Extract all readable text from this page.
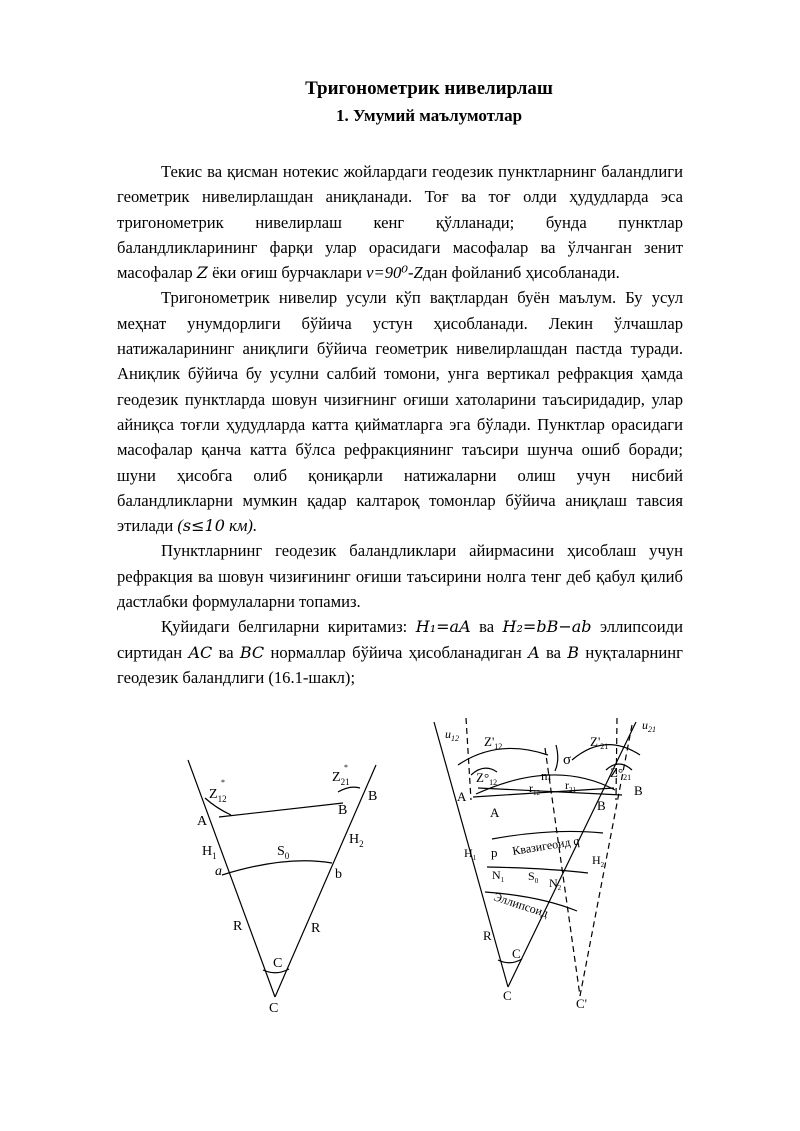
Тригонометрик нивелирлаш
1. Умумий маълумотлар

Текис ва қисман нотекис жойлардаги геодезик пунктларнинг баландлиги геометрик нивелирлашдан аниқланади. Тоғ ва тоғ олди ҳудудларда эса тригонометрик нивелирлаш кенг қўлланади; бунда пунктлар баландликларининг фарқи улар орасидаги масофалар ва ўлчанган зенит масофалар Z ёки оғиш бурчаклари ν=90⁰-Zдан фойланиб ҳисобланади.

Тригонометрик нивелир усули кўп вақтлардан буён маълум. Бу усул меҳнат унумдорлиги бўйича устун ҳисобланади. Лекин ўлчашлар натижаларининг аниқлиги бўйича геометрик нивелирлашдан пастда туради. Аниқлик бўйича бу усулни салбий томони, унга вертикал рефракция ҳамда геодезик пунктларда шовун чизиғнинг оғиши хатоларини таъсиридадир, улар айниқса тоғли ҳудудларда катта қийматларга эга бўлади. Пунктлар орасидаги масофалар қанча катта бўлса рефракциянинг таъсири шунча ошиб боради; шуни ҳисобга олиб қониқарли натижаларни олиш учун нисбий баландликларни мумкин қадар калтароқ томонлар бўйича аниқлаш тавсия этилади (s≤10 км).

Пунктларнинг геодезик баландликлари айирмасини ҳисоблаш учун рефракция ва шовун чизиғининг оғиши таъсирини нолга тенг деб қабул қилиб дастлабки формулаларни топамиз.

Қуйидаги белгиларни киритамиз: H₁=aA ва H₂=bB−ab эллипсоиди сиртидан AC ва BC нормаллар бўйича ҳисобланадиган A ва B нуқталарнинг геодезик баландлиги (16.1-шакл);

$Z_{12}$
*	$Z_{21}$
*
A
B
B
$H_1$
$H_2$
$S_0$
a	b
R	R
C
C
$u_{12}$
$u_{21}$
$Z'_{12}$	$Z'_{21}$
$Z^\circ_{12}$
$Z^\circ_{21}$
σ
m
$r_{12}$
$r_{21}$
A
A	B
B
Квазигеоид q
Эллипсоид
$H_1$	$H_2$
p
$N_1$	$N_2$
$S_0$
R
C
C
C'
